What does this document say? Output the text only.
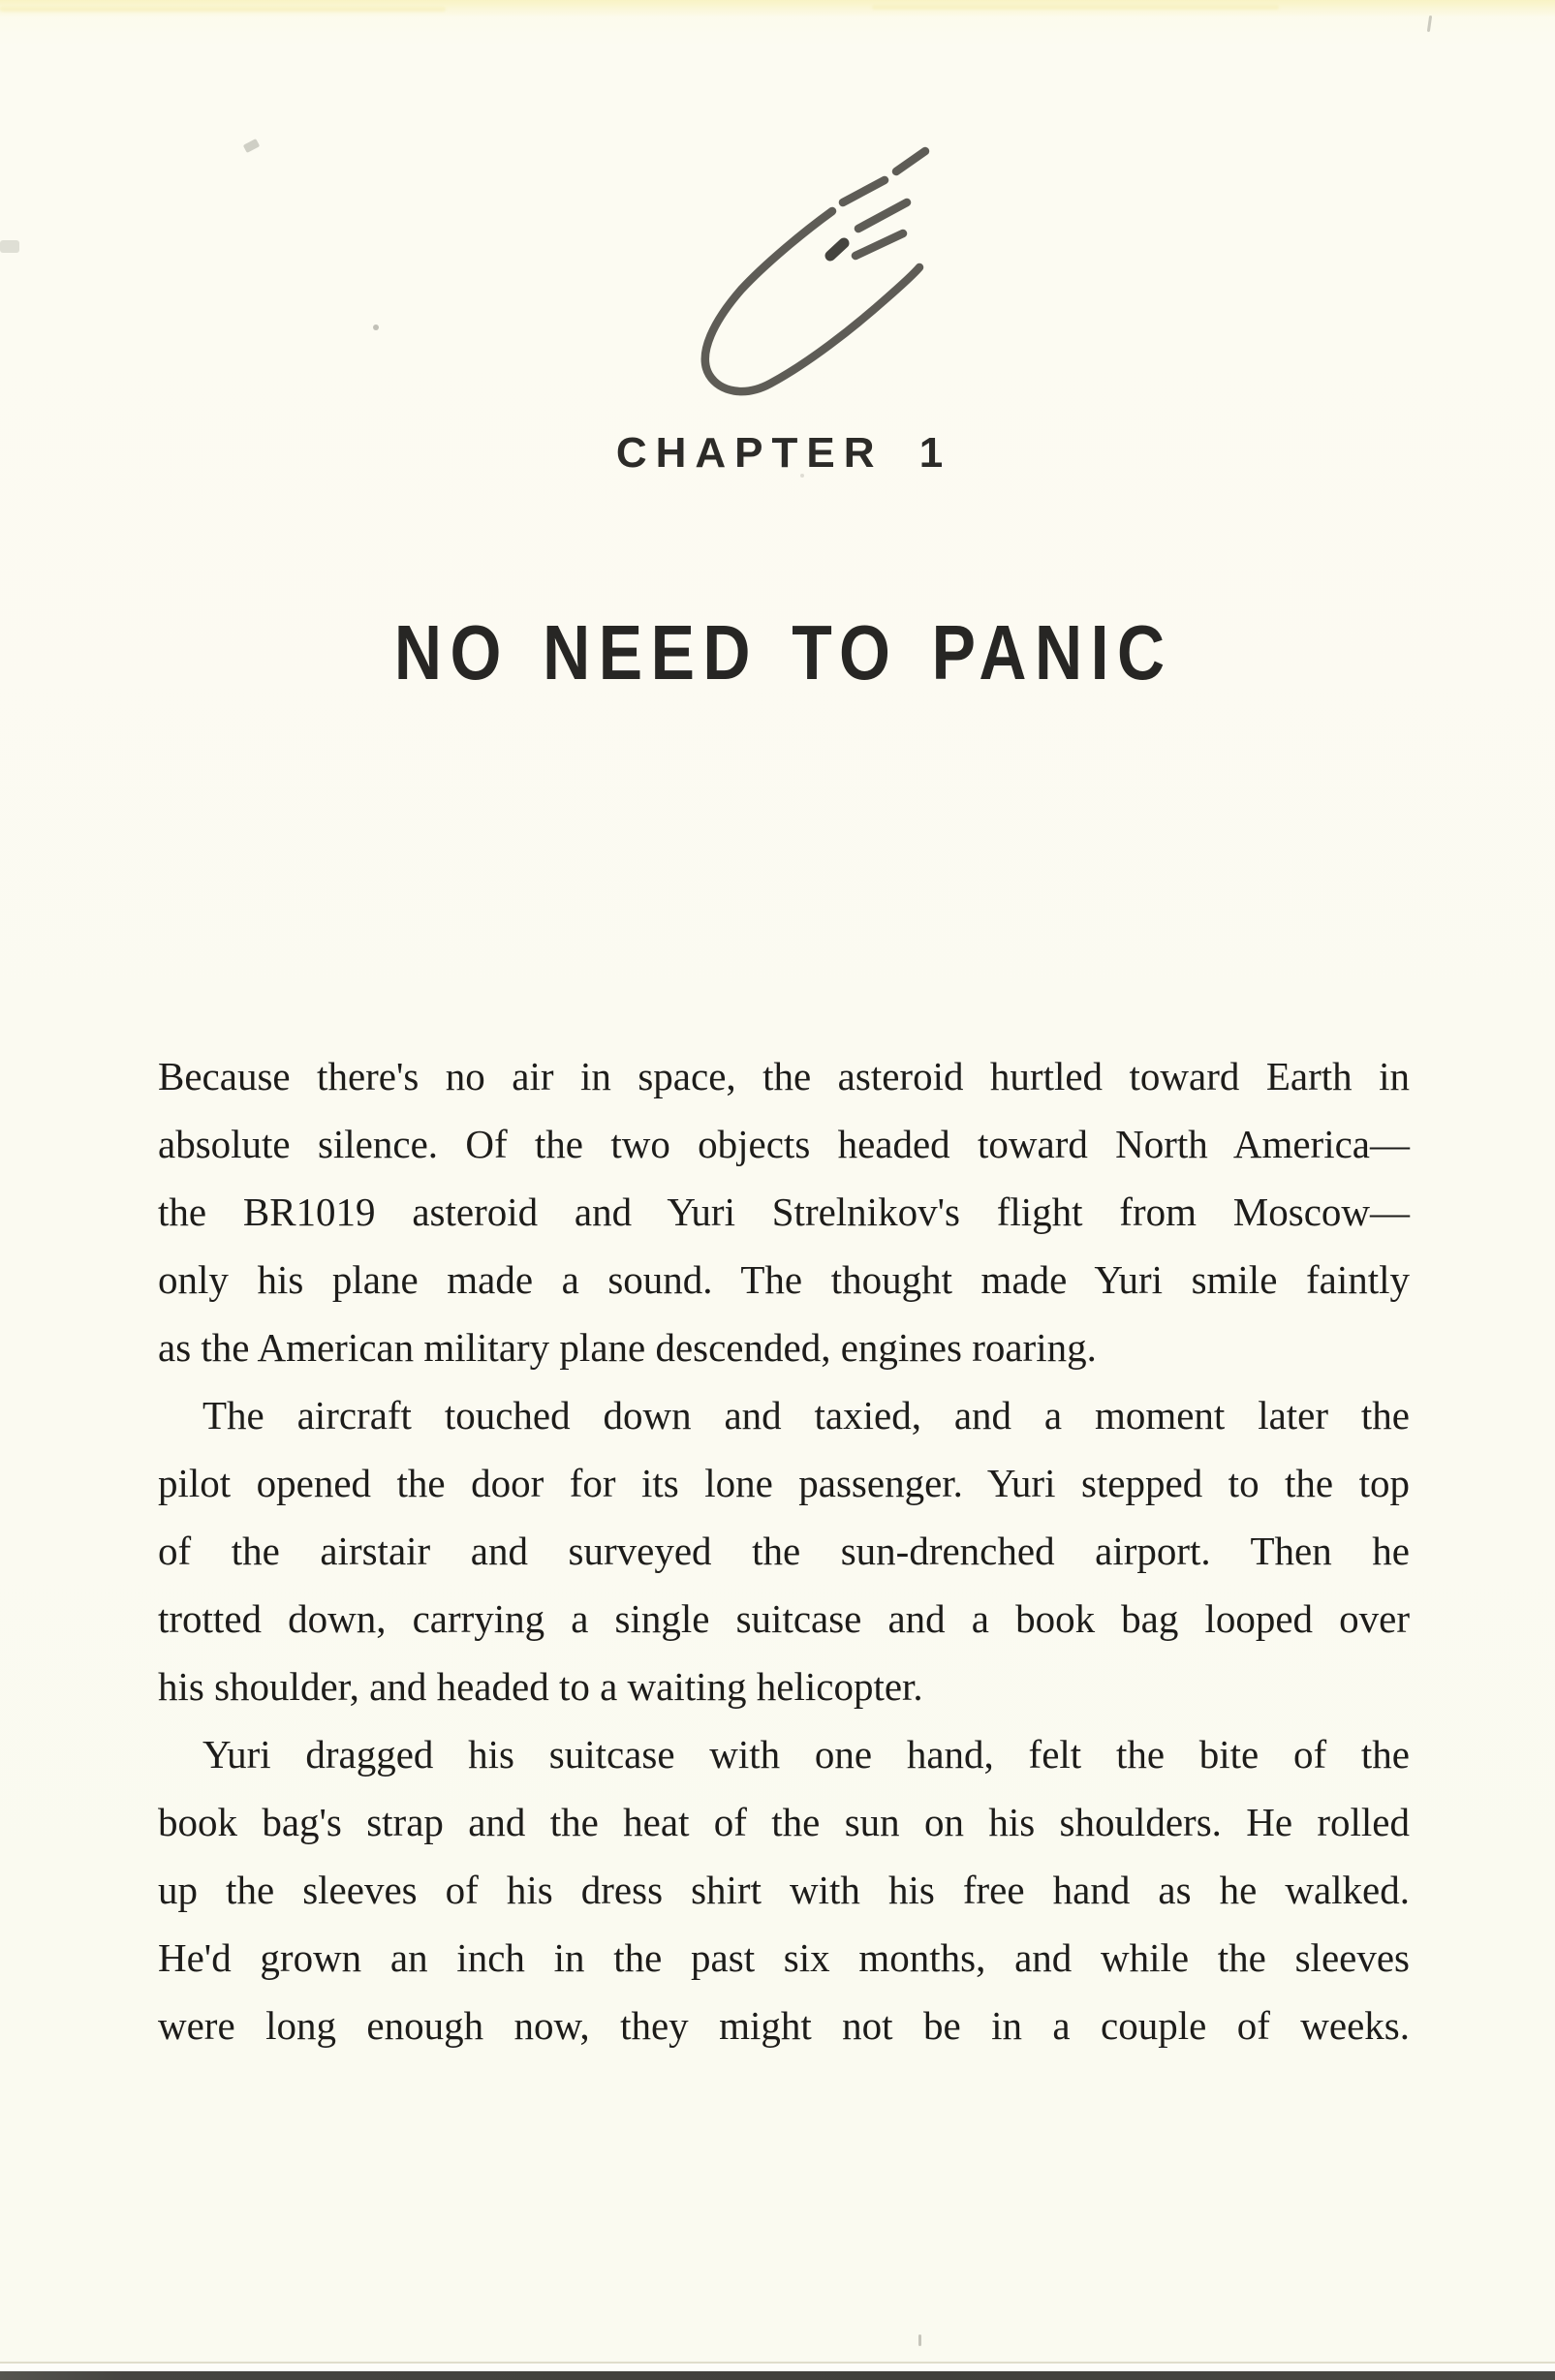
CHAPTER 1
NO NEED TO PANIC
Because there's no air in space, the asteroid hurtled toward Earth in
absolute silence. Of the two objects headed toward North America—
the BR1019 asteroid and Yuri Strelnikov's flight from Moscow—
only his plane made a sound. The thought made Yuri smile faintly
as the American military plane descended, engines roaring.
The aircraft touched down and taxied, and a moment later the
pilot opened the door for its lone passenger. Yuri stepped to the top
of the airstair and surveyed the sun-drenched airport. Then he
trotted down, carrying a single suitcase and a book bag looped over
his shoulder, and headed to a waiting helicopter.
Yuri dragged his suitcase with one hand, felt the bite of the
book bag's strap and the heat of the sun on his shoulders. He rolled
up the sleeves of his dress shirt with his free hand as he walked.
He'd grown an inch in the past six months, and while the sleeves
were long enough now, they might not be in a couple of weeks.
